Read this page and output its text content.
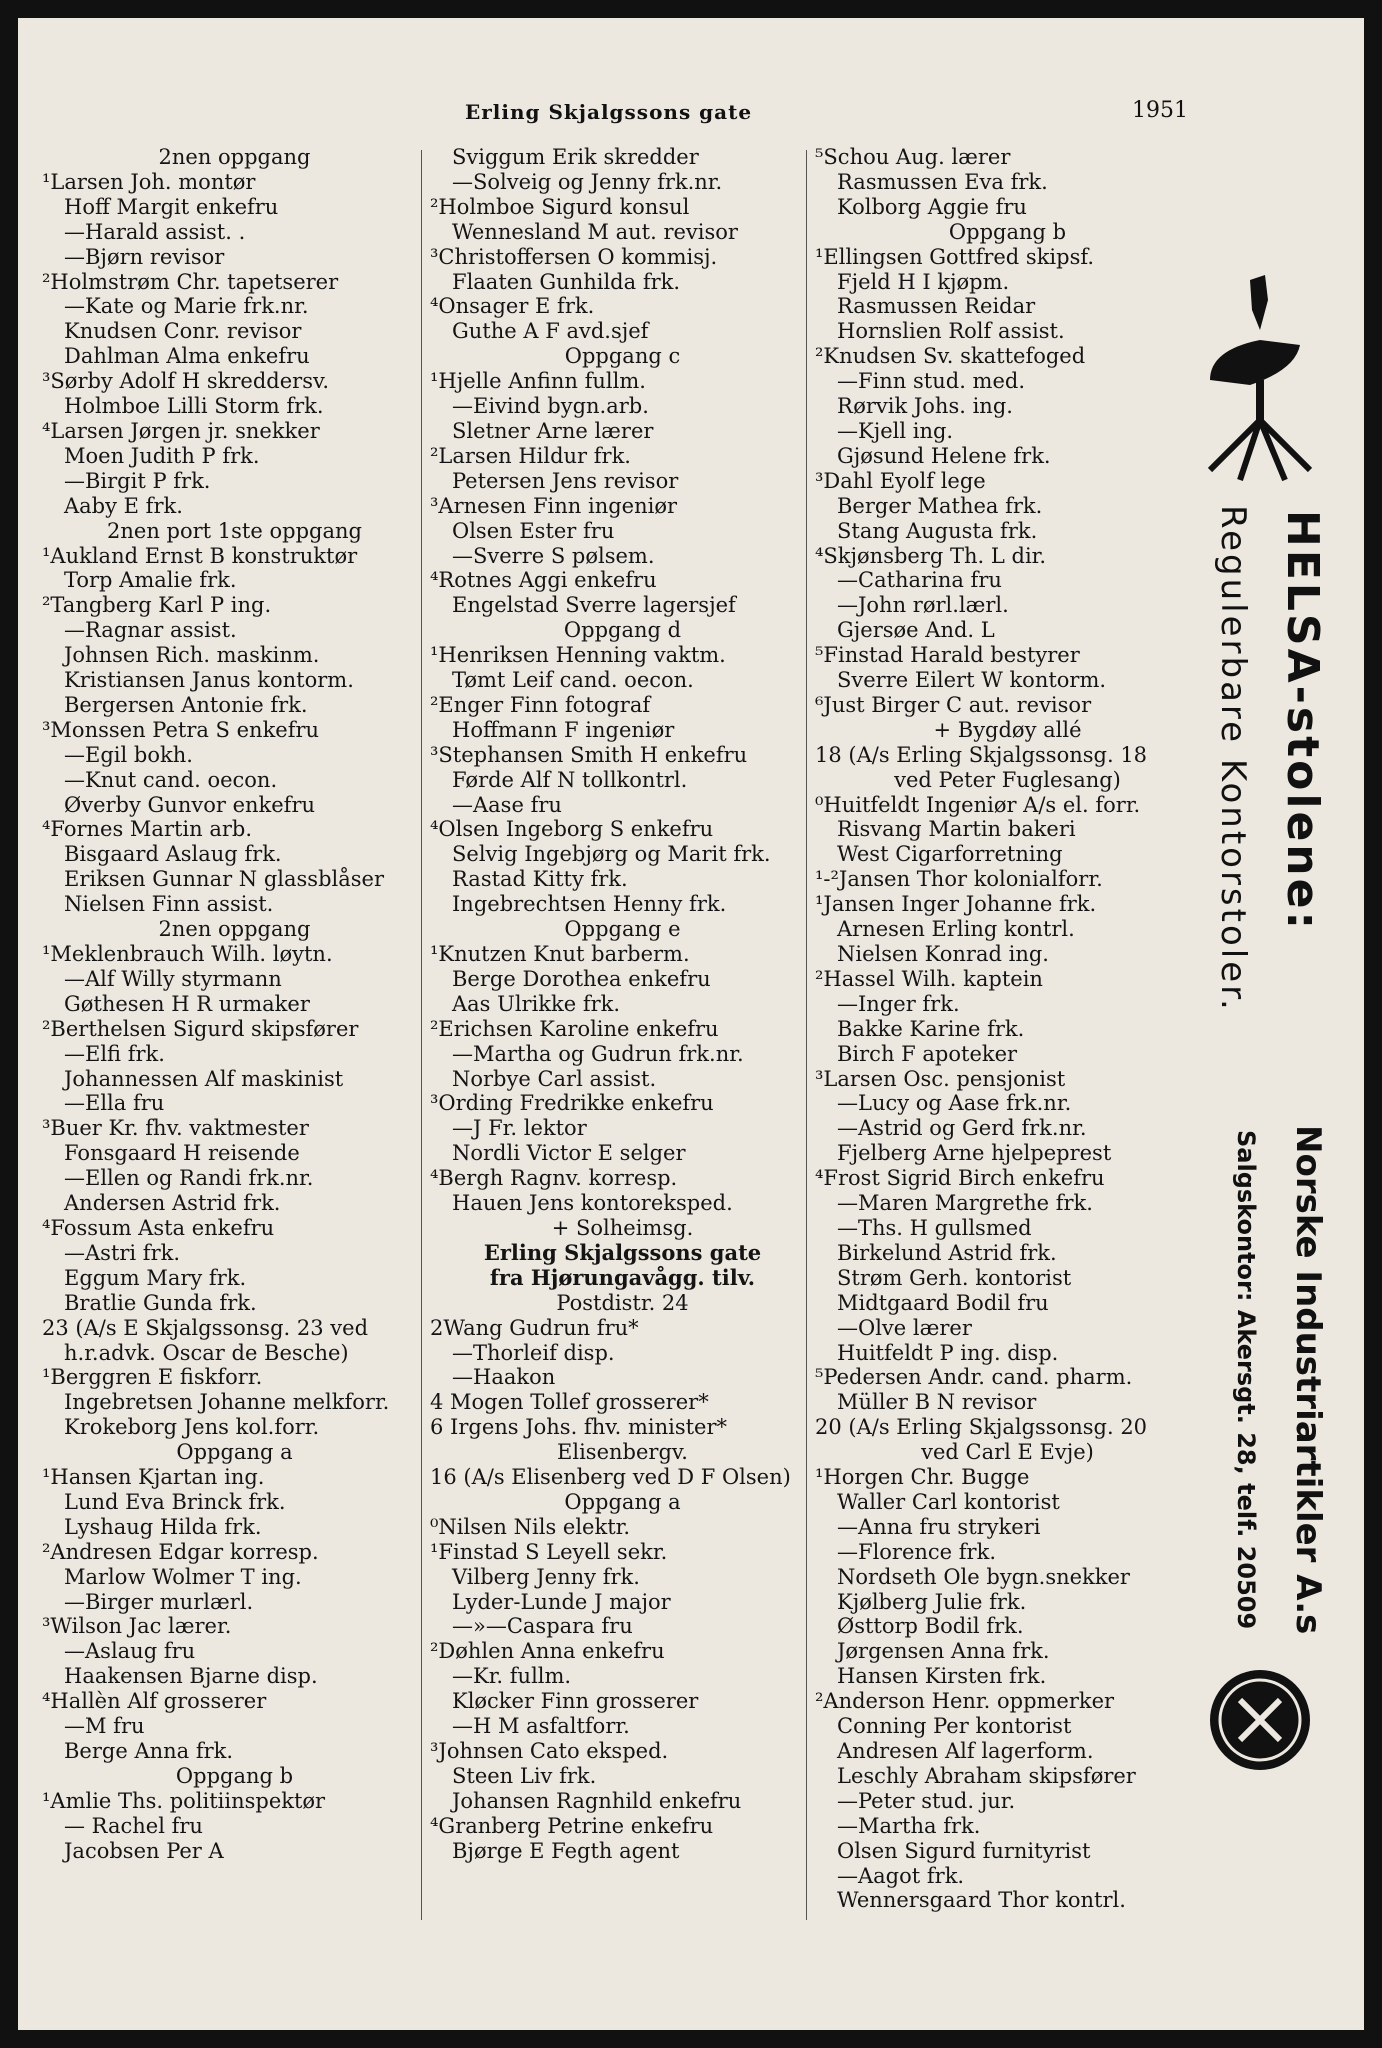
Erling Skjalgssons gate	1951
2nen oppgang
¹Larsen Joh. montør
Hoff Margit enkefru
—Harald assist. .
—Bjørn revisor
²Holmstrøm Chr. tapetserer
—Kate og Marie frk.nr.
Knudsen Conr. revisor
Dahlman Alma enkefru
³Sørby Adolf H skreddersv.
Holmboe Lilli Storm frk.
⁴Larsen Jørgen jr. snekker
Moen Judith P frk.
—Birgit P frk.
Aaby E frk.
2nen port 1ste oppgang
¹Aukland Ernst B konstruktør
Torp Amalie frk.
²Tangberg Karl P ing.
—Ragnar assist.
Johnsen Rich. maskinm.
Kristiansen Janus kontorm.
Bergersen Antonie frk.
³Monssen Petra S enkefru
—Egil bokh.
—Knut cand. oecon.
Øverby Gunvor enkefru
⁴Fornes Martin arb.
Bisgaard Aslaug frk.
Eriksen Gunnar N glassblåser
Nielsen Finn assist.
2nen oppgang
¹Meklenbrauch Wilh. løytn.
—Alf Willy styrmann
Gøthesen H R urmaker
²Berthelsen Sigurd skipsfører
—Elfi frk.
Johannessen Alf maskinist
—Ella fru
³Buer Kr. fhv. vaktmester
Fonsgaard H reisende
—Ellen og Randi frk.nr.
Andersen Astrid frk.
⁴Fossum Asta enkefru
—Astri frk.
Eggum Mary frk.
Bratlie Gunda frk.
23 (A/s E Skjalgssonsg. 23 ved
h.r.advk. Oscar de Besche)
¹Berggren E fiskforr.
Ingebretsen Johanne melkforr.
Krokeborg Jens kol.forr.
Oppgang a
¹Hansen Kjartan ing.
Lund Eva Brinck frk.
Lyshaug Hilda frk.
²Andresen Edgar korresp.
Marlow Wolmer T ing.
—Birger murlærl.
³Wilson Jac lærer.
—Aslaug fru
Haakensen Bjarne disp.
⁴Hallèn Alf grosserer
—M fru
Berge Anna frk.
Oppgang b
¹Amlie Ths. politiinspektør
— Rachel fru
Jacobsen Per A
Sviggum Erik skredder
—Solveig og Jenny frk.nr.
²Holmboe Sigurd konsul
Wennesland M aut. revisor
³Christoffersen O kommisj.
Flaaten Gunhilda frk.
⁴Onsager E frk.
Guthe A F avd.sjef
Oppgang c
¹Hjelle Anfinn fullm.
—Eivind bygn.arb.
Sletner Arne lærer
²Larsen Hildur frk.
Petersen Jens revisor
³Arnesen Finn ingeniør
Olsen Ester fru
—Sverre S pølsem.
⁴Rotnes Aggi enkefru
Engelstad Sverre lagersjef
Oppgang d
¹Henriksen Henning vaktm.
Tømt Leif cand. oecon.
²Enger Finn fotograf
Hoffmann F ingeniør
³Stephansen Smith H enkefru
Førde Alf N tollkontrl.
—Aase fru
⁴Olsen Ingeborg S enkefru
Selvig Ingebjørg og Marit frk.
Rastad Kitty frk.
Ingebrechtsen Henny frk.
Oppgang e
¹Knutzen Knut barberm.
Berge Dorothea enkefru
Aas Ulrikke frk.
²Erichsen Karoline enkefru
—Martha og Gudrun frk.nr.
Norbye Carl assist.
³Ording Fredrikke enkefru
—J Fr. lektor
Nordli Victor E selger
⁴Bergh Ragnv. korresp.
Hauen Jens kontoreksped.
+ Solheimsg.
Erling Skjalgssons gate
fra Hjørungavågg. tilv.
Postdistr. 24
2Wang Gudrun fru*
—Thorleif disp.
—Haakon
4 Mogen Tollef grosserer*
6 Irgens Johs. fhv. minister*
Elisenbergv.
16 (A/s Elisenberg ved D F Olsen)
Oppgang a
⁰Nilsen Nils elektr.
¹Finstad S Leyell sekr.
Vilberg Jenny frk.
Lyder-Lunde J major
—»—Caspara fru
²Døhlen Anna enkefru
—Kr. fullm.
Kløcker Finn grosserer
—H M asfaltforr.
³Johnsen Cato eksped.
Steen Liv frk.
Johansen Ragnhild enkefru
⁴Granberg Petrine enkefru
Bjørge E Fegth agent
⁵Schou Aug. lærer
Rasmussen Eva frk.
Kolborg Aggie fru
Oppgang b
¹Ellingsen Gottfred skipsf.
Fjeld H I kjøpm.
Rasmussen Reidar
Hornslien Rolf assist.
²Knudsen Sv. skattefoged
—Finn stud. med.
Rørvik Johs. ing.
—Kjell ing.
Gjøsund Helene frk.
³Dahl Eyolf lege
Berger Mathea frk.
Stang Augusta frk.
⁴Skjønsberg Th. L dir.
—Catharina fru
—John rørl.lærl.
Gjersøe And. L
⁵Finstad Harald bestyrer
Sverre Eilert W kontorm.
⁶Just Birger C aut. revisor
+ Bygdøy allé
18 (A/s Erling Skjalgssonsg. 18
ved Peter Fuglesang)
⁰Huitfeldt Ingeniør A/s el. forr.
Risvang Martin bakeri
West Cigarforretning
¹-²Jansen Thor kolonialforr.
¹Jansen Inger Johanne frk.
Arnesen Erling kontrl.
Nielsen Konrad ing.
²Hassel Wilh. kaptein
—Inger frk.
Bakke Karine frk.
Birch F apoteker
³Larsen Osc. pensjonist
—Lucy og Aase frk.nr.
—Astrid og Gerd frk.nr.
Fjelberg Arne hjelpeprest
⁴Frost Sigrid Birch enkefru
—Maren Margrethe frk.
—Ths. H gullsmed
Birkelund Astrid frk.
Strøm Gerh. kontorist
Midtgaard Bodil fru
—Olve lærer
Huitfeldt P ing. disp.
⁵Pedersen Andr. cand. pharm.
Müller B N revisor
20 (A/s Erling Skjalgssonsg. 20
ved Carl E Evje)
¹Horgen Chr. Bugge
Waller Carl kontorist
—Anna fru strykeri
—Florence frk.
Nordseth Ole bygn.snekker
Kjølberg Julie frk.
Østtorp Bodil frk.
Jørgensen Anna frk.
Hansen Kirsten frk.
²Anderson Henr. oppmerker
Conning Per kontorist
Andresen Alf lagerform.
Leschly Abraham skipsfører
—Peter stud. jur.
—Martha frk.
Olsen Sigurd furnityrist
—Aagot frk.
Wennersgaard Thor kontrl.
HELSA-stolene:
Regulerbare Kontorstoler.
Norske Industriartikler A.s
Salgskontor: Akersgt. 28, telf. 20509
